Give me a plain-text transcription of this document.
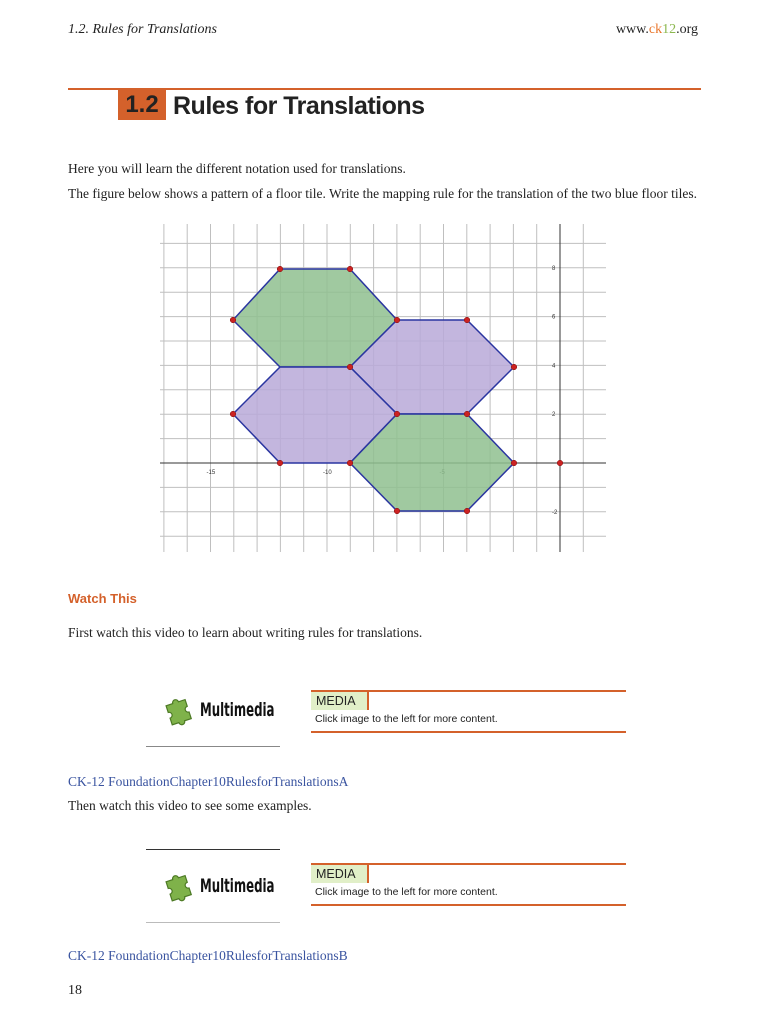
1.2. Rules for Translations	www.ck12.org
1.2 Rules for Translations
Here you will learn the different notation used for translations.
The figure below shows a pattern of a floor tile. Write the mapping rule for the translation of the two blue floor tiles.
-15	-10
8
6
4
2
-2
Watch This
First watch this video to learn about writing rules for translations.
Multimedia	MEDIA
Click image to the left for more content.
CK-12 FoundationChapter10RulesforTranslationsA
Then watch this video to see some examples.
Multimedia
MEDIA
Click image to the left for more content.
CK-12 FoundationChapter10RulesforTranslationsB
18
